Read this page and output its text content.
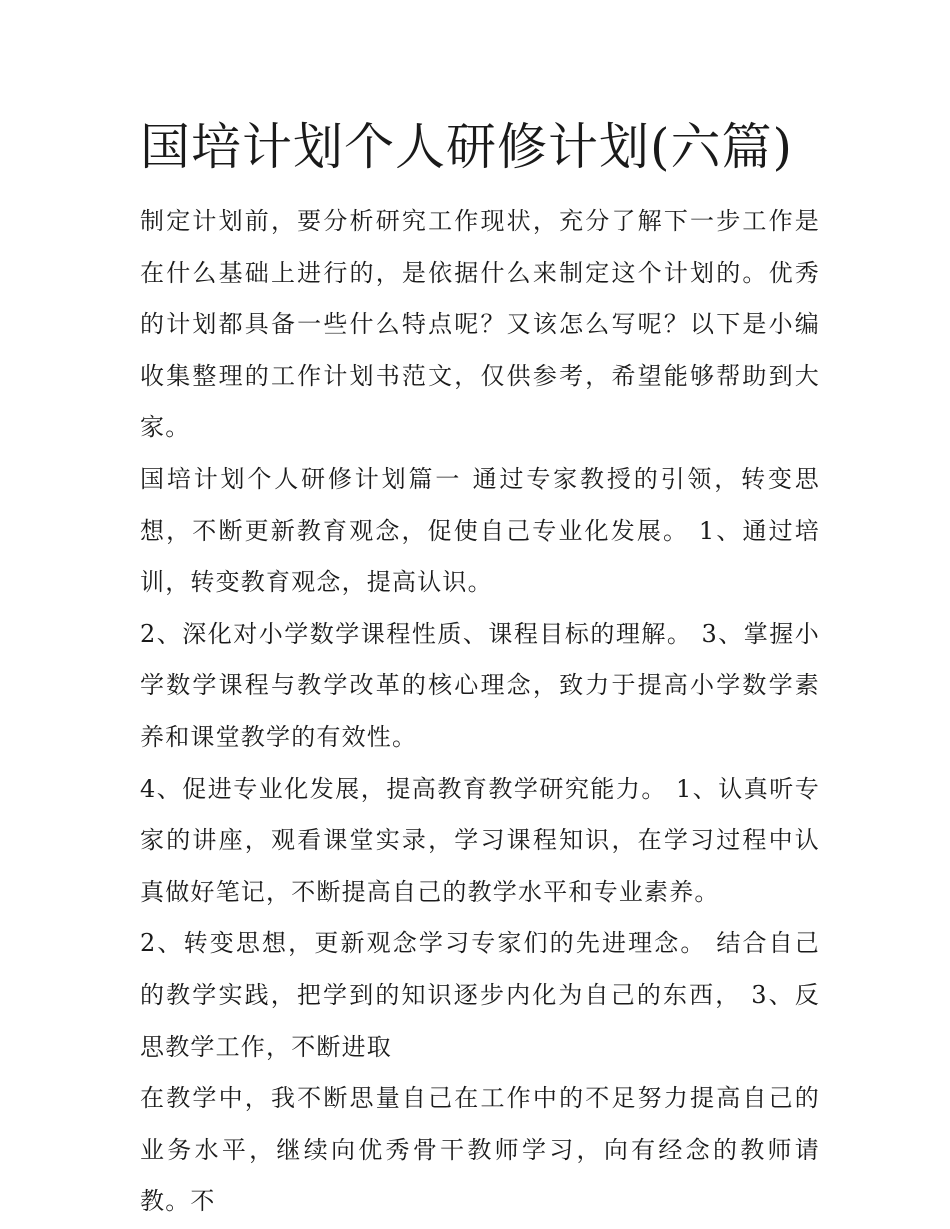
国培计划个人研修计划(六篇)

制定计划前，要分析研究工作现状，充分了解下一步工作是在什么基础上进行的，是依据什么来制定这个计划的。优秀的计划都具备一些什么特点呢？又该怎么写呢？以下是小编收集整理的工作计划书范文，仅供参考，希望能够帮助到大家。

国培计划个人研修计划篇一 通过专家教授的引领，转变思想，不断更新教育观念，促使自己专业化发展。 1、通过培训，转变教育观念，提高认识。

2、深化对小学数学课程性质、课程目标的理解。 3、掌握小学数学课程与教学改革的核心理念，致力于提高小学数学素养和课堂教学的有效性。

4、促进专业化发展，提高教育教学研究能力。 1、认真听专家的讲座，观看课堂实录，学习课程知识，在学习过程中认真做好笔记，不断提高自己的教学水平和专业素养。

2、转变思想，更新观念学习专家们的先进理念。 结合自己的教学实践，把学到的知识逐步内化为自己的东西， 3、反思教学工作，不断进取

在教学中，我不断思量自己在工作中的不足努力提高自己的业务水平，继续向优秀骨干教师学习，向有经念的教师请教。不
